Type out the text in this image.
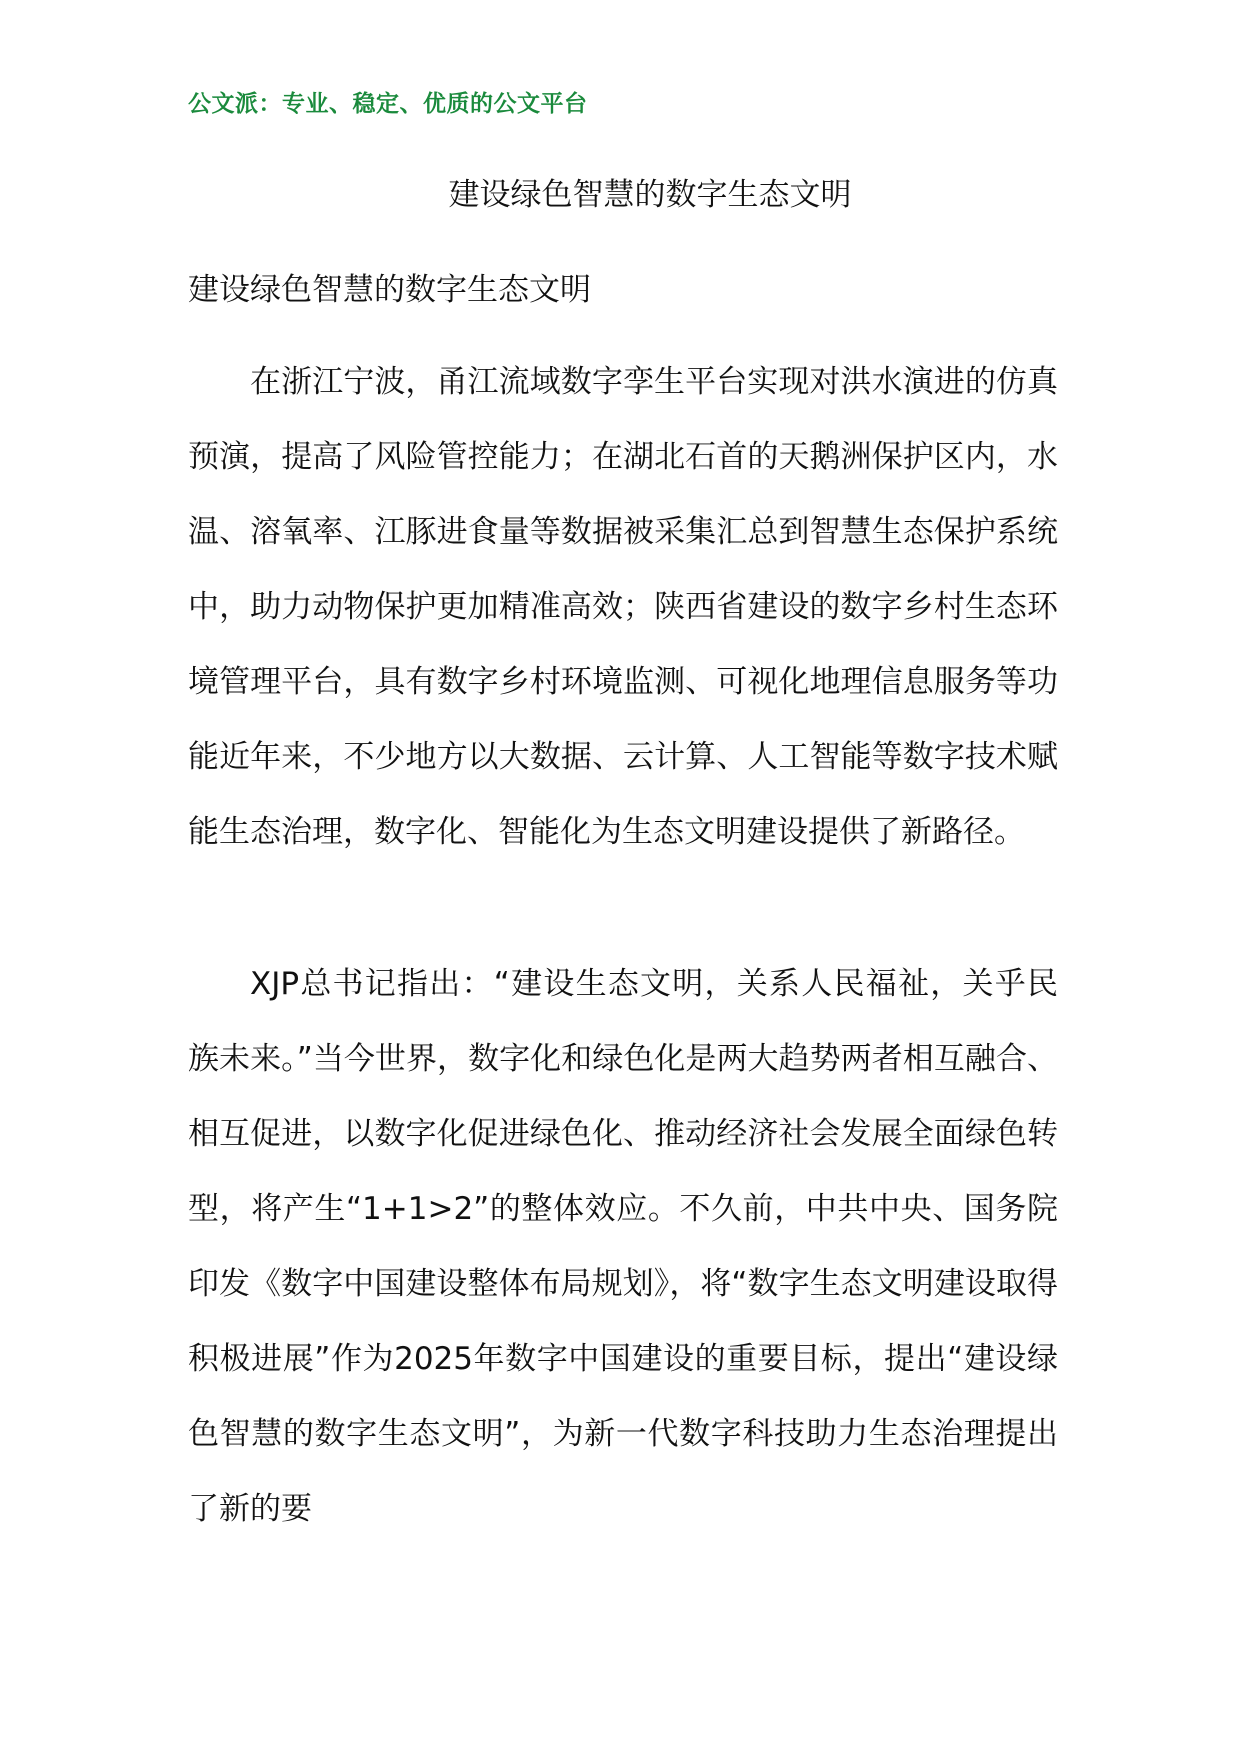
公文派：专业、稳定、优质的公文平台
建设绿色智慧的数字生态文明
建设绿色智慧的数字生态文明

在浙江宁波，甬江流域数字孪生平台实现对洪水演进的仿真预演，提高了风险管控能力；在湖北石首的天鹅洲保护区内，水温、溶氧率、江豚进食量等数据被采集汇总到智慧生态保护系统中，助力动物保护更加精准高效；陕西省建设的数字乡村生态环境管理平台，具有数字乡村环境监测、可视化地理信息服务等功能近年来，不少地方以大数据、云计算、人工智能等数字技术赋能生态治理，数字化、智能化为生态文明建设提供了新路径。

XJP总书记指出：“建设生态文明，关系人民福祉，关乎民族未来。”当今世界，数字化和绿色化是两大趋势两者相互融合、相互促进，以数字化促进绿色化、推动经济社会发展全面绿色转型，将产生“1+1>2”的整体效应。不久前，中共中央、国务院印发《数字中国建设整体布局规划》，将“数字生态文明建设取得积极进展”作为2025年数字中国建设的重要目标，提出“建设绿色智慧的数字生态文明”，为新一代数字科技助力生态治理提出了新的要
